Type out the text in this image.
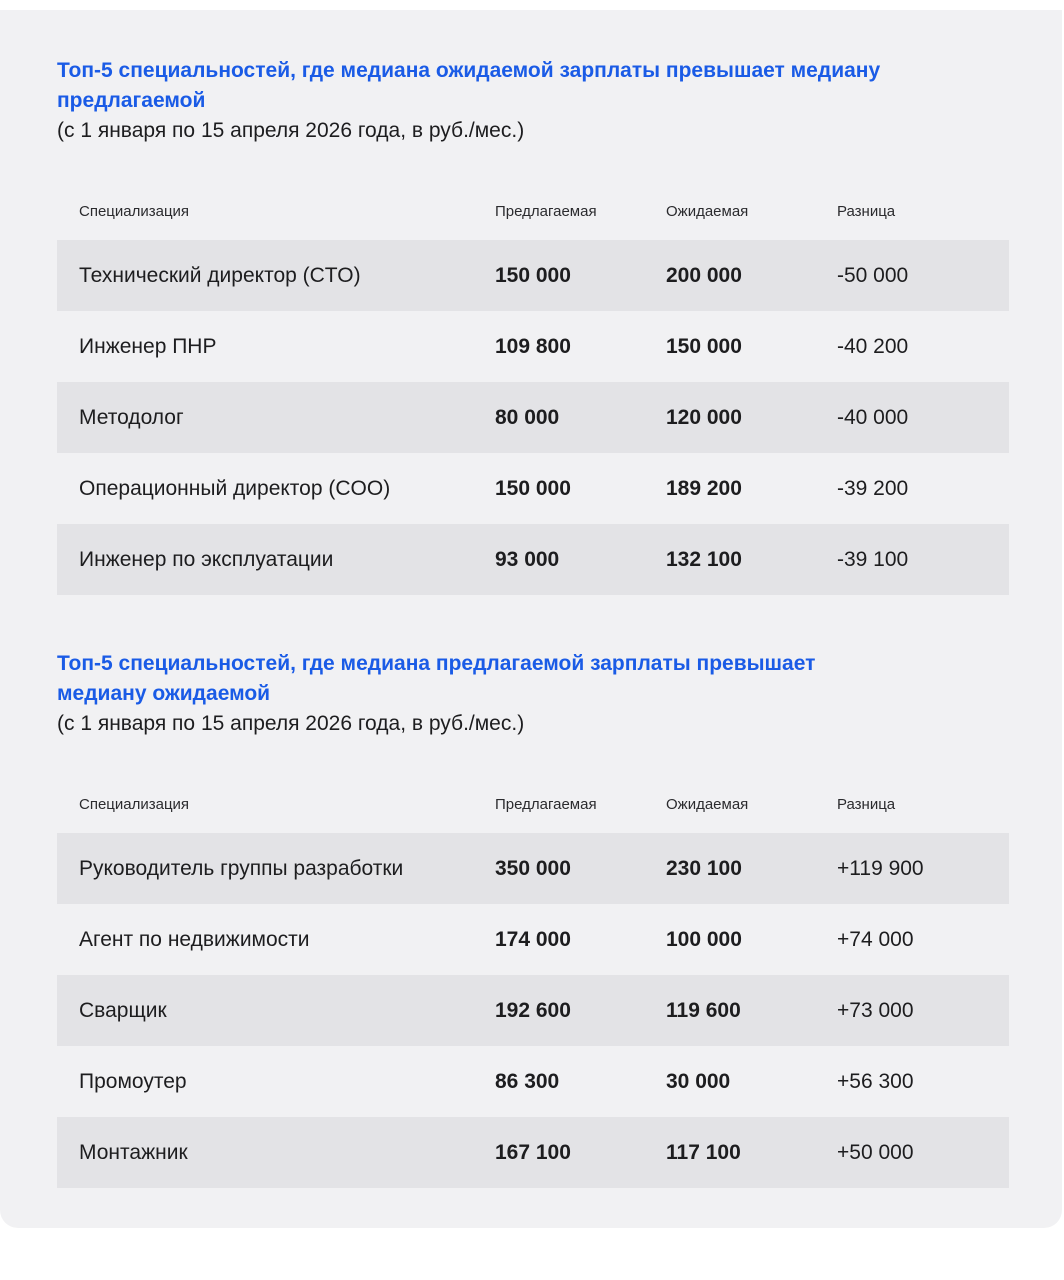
Топ-5 специальностей, где медиана ожидаемой зарплаты превышает медиану предлагаемой

(с 1 января по 15 апреля 2026 года, в руб./мес.)

Специализация	Предлагаемая	Ожидаемая	Разница
Технический директор (CTO)	150 000	200 000	-50 000
Инженер ПНР	109 800	150 000	-40 200
Методолог	80 000	120 000	-40 000
Операционный директор (COO)	150 000	189 200	-39 200
Инженер по эксплуатации	93 000	132 100	-39 100

Топ-5 специальностей, где медиана предлагаемой зарплаты превышает медиану ожидаемой

(с 1 января по 15 апреля 2026 года, в руб./мес.)

Специализация	Предлагаемая	Ожидаемая	Разница
Руководитель группы разработки	350 000	230 100	+119 900
Агент по недвижимости	174 000	100 000	+74 000
Сварщик	192 600	119 600	+73 000
Промоутер	86 300	30 000	+56 300
Монтажник	167 100	117 100	+50 000
